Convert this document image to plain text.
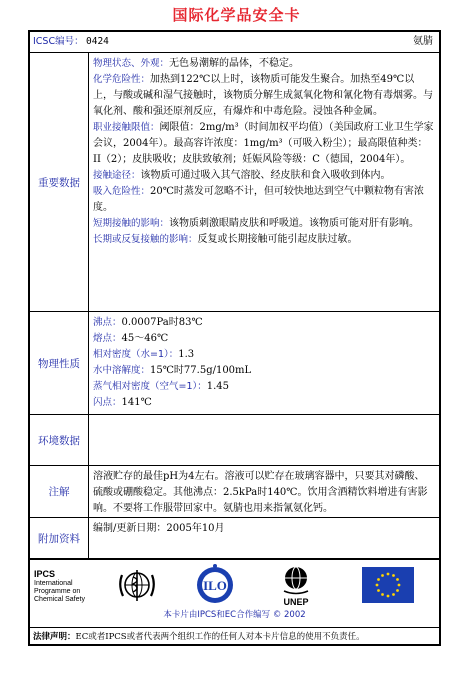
国际化学品安全卡
ICSC编号： 0424	氨腈
重要数据

物理状态、外观：无色易潮解的晶体，不稳定。

化学危险性：加热到122℃以上时，该物质可能发生聚合。加热至49℃以上，与酸或碱和湿气接触时，该物质分解生成氮氧化物和氰化物有毒烟雾。与氧化剂、酸和强还原剂反应，有爆炸和中毒危险。浸蚀各种金属。

职业接触限值：阈限值：2mg/m³（时间加权平均值）（美国政府工业卫生学家会议，2004年）。最高容许浓度：1mg/m³（可吸入粉尘）；最高限值种类：II（2）；皮肤吸收；皮肤致敏剂；妊娠风险等级：C（德国，2004年）。

接触途径：该物质可通过吸入其气溶胶、经皮肤和食入吸收到体内。

吸入危险性：20℃时蒸发可忽略不计，但可较快地达到空气中颗粒物有害浓度。

短期接触的影响：该物质刺激眼睛皮肤和呼吸道。该物质可能对肝有影响。

长期或反复接触的影响：反复或长期接触可能引起皮肤过敏。

物理性质

沸点：0.0007Pa时83℃

熔点：45～46℃

相对密度（水=1）：1.3

水中溶解度：15℃时77.5g/100mL

蒸气相对密度（空气=1）：1.45

闪点：141℃

环境数据
注解

溶液贮存的最佳pH为4左右。溶液可以贮存在玻璃容器中，只要其对磷酸、硫酸或硼酸稳定。其他沸点：2.5kPa时140℃。饮用含酒精饮料增进有害影响。不要将工作服带回家中。氨腈也用来指氰氨化钙。

附加资料

编制/更新日期：2005年10月

IPCS
International
Programme on
Chemical Safety
ILO
UNEP
本卡片由IPCS和EC合作编写 © 2002
法律声明：EC或者IPCS或者代表两个组织工作的任何人对本卡片信息的使用不负责任。
